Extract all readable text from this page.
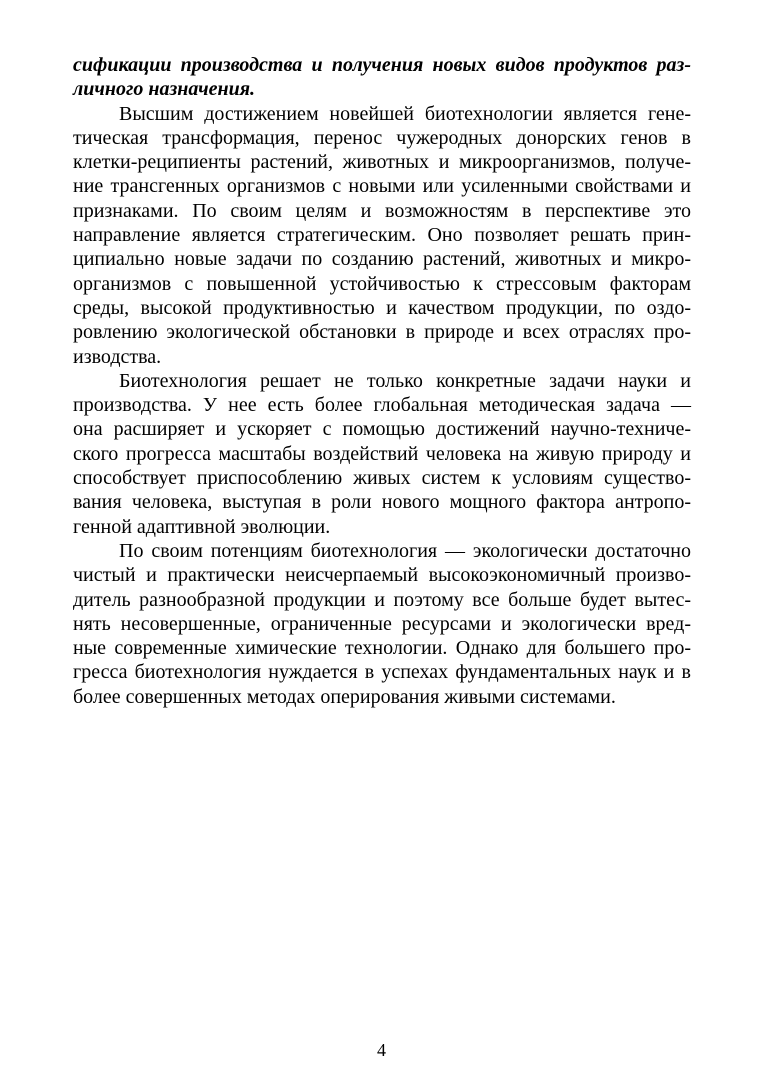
сификации производства и получения новых видов продуктов раз-
личного назначения.
Высшим достижением новейшей биотехнологии является гене-
тическая трансформация, перенос чужеродных донорских генов в
клетки-реципиенты растений, животных и микроорганизмов, получе-
ние трансгенных организмов с новыми или усиленными свойствами и
признаками. По своим целям и возможностям в перспективе это
направление является стратегическим. Оно позволяет решать прин-
ципиально новые задачи по созданию растений, животных и микро-
организмов с повышенной устойчивостью к стрессовым факторам
среды, высокой продуктивностью и качеством продукции, по оздо-
ровлению экологической обстановки в природе и всех отраслях про-
изводства.
Биотехнология решает не только конкретные задачи науки и
производства. У нее есть более глобальная методическая задача —
она расширяет и ускоряет с помощью достижений научно-техниче-
ского прогресса масштабы воздействий человека на живую природу и
способствует приспособлению живых систем к условиям существо-
вания человека, выступая в роли нового мощного фактора антропо-
генной адаптивной эволюции.
По своим потенциям биотехнология — экологически достаточно
чистый и практически неисчерпаемый высокоэкономичный произво-
дитель разнообразной продукции и поэтому все больше будет вытес-
нять несовершенные, ограниченные ресурсами и экологически вред-
ные современные химические технологии. Однако для большего про-
гресса биотехнология нуждается в успехах фундаментальных наук и в
более совершенных методах оперирования живыми системами.
4
